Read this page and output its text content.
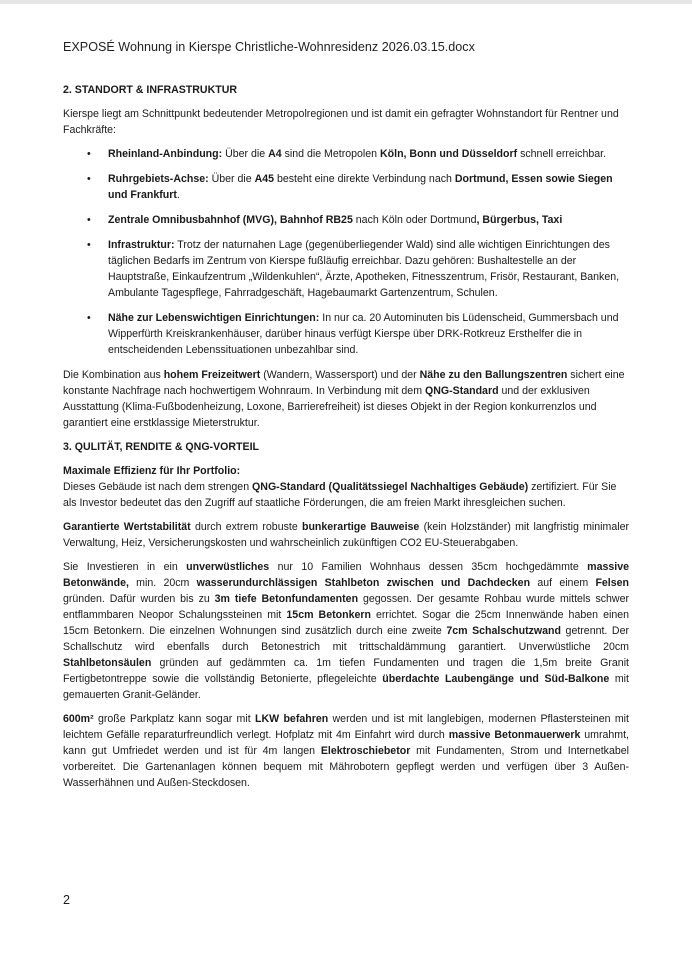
EXPOSÉ Wohnung in Kierspe Christliche-Wohnresidenz 2026.03.15.docx
2. STANDORT & INFRASTRUKTUR
Kierspe liegt am Schnittpunkt bedeutender Metropolregionen und ist damit ein gefragter Wohnstandort für Rentner und Fachkräfte:
• Rheinland-Anbindung: Über die A4 sind die Metropolen Köln, Bonn und Düsseldorf schnell erreichbar.
• Ruhrgebiets-Achse: Über die A45 besteht eine direkte Verbindung nach Dortmund, Essen sowie Siegen und Frankfurt.
• Zentrale Omnibusbahnhof (MVG), Bahnhof RB25 nach Köln oder Dortmund, Bürgerbus, Taxi
• Infrastruktur: Trotz der naturnahen Lage (gegenüberliegender Wald) sind alle wichtigen Einrichtungen des täglichen Bedarfs im Zentrum von Kierspe fußläufig erreichbar. Dazu gehören: Bushaltestelle an der Hauptstraße, Einkaufzentrum „Wildenkuhlen“, Ärzte, Apotheken, Fitnesszentrum, Frisör, Restaurant, Banken, Ambulante Tagespflege, Fahrradgeschäft, Hagebaumarkt Gartenzentrum, Schulen.
• Nähe zur Lebenswichtigen Einrichtungen: In nur ca. 20 Autominuten bis Lüdenscheid, Gummersbach und Wipperfürth Kreiskrankenhäuser, darüber hinaus verfügt Kierspe über DRK-Rotkreuz Ersthelfer die in entscheidenden Lebenssituationen unbezahlbar sind.
Die Kombination aus hohem Freizeitwert (Wandern, Wassersport) und der Nähe zu den Ballungszentren sichert eine konstante Nachfrage nach hochwertigem Wohnraum. In Verbindung mit dem QNG-Standard und der exklusiven Ausstattung (Klima-Fußbodenheizung, Loxone, Barrierefreiheit) ist dieses Objekt in der Region konkurrenzlos und garantiert eine erstklassige Mieterstruktur.
3. QULITÄT, RENDITE & QNG-VORTEIL
Maximale Effizienz für Ihr Portfolio:
Dieses Gebäude ist nach dem strengen QNG-Standard (Qualitätssiegel Nachhaltiges Gebäude) zertifiziert. Für Sie als Investor bedeutet das den Zugriff auf staatliche Förderungen, die am freien Markt ihresgleichen suchen.
Garantierte Wertstabilität durch extrem robuste bunkerartige Bauweise (kein Holzständer) mit langfristig minimaler Verwaltung, Heiz, Versicherungskosten und wahrscheinlich zukünftigen CO2 EU-Steuerabgaben.
Sie Investieren in ein unverwüstliches nur 10 Familien Wohnhaus dessen 35cm hochgedämmte massive Betonwände, min. 20cm wasserundurchlässigen Stahlbeton zwischen und Dachdecken auf einem Felsen gründen. Dafür wurden bis zu 3m tiefe Betonfundamenten gegossen. Der gesamte Rohbau wurde mittels schwer entflammbaren Neopor Schalungssteinen mit 15cm Betonkern errichtet. Sogar die 25cm Innenwände haben einen 15cm Betonkern. Die einzelnen Wohnungen sind zusätzlich durch eine zweite 7cm Schalschutzwand getrennt. Der Schallschutz wird ebenfalls durch Betonestrich mit trittschaldämmung garantiert. Unverwüstliche 20cm Stahlbetonsäulen gründen auf gedämmten ca. 1m tiefen Fundamenten und tragen die 1,5m breite Granit Fertigbetontreppe sowie die vollständig Betonierte, pflegeleichte überdachte Laubengänge und Süd-Balkone mit gemauerten Granit-Geländer.
600m² große Parkplatz kann sogar mit LKW befahren werden und ist mit langlebigen, modernen Pflastersteinen mit leichtem Gefälle reparaturfreundlich verlegt. Hofplatz mit 4m Einfahrt wird durch massive Betonmauerwerk umrahmt, kann gut Umfriedet werden und ist für 4m langen Elektroschiebetor mit Fundamenten, Strom und Internetkabel vorbereitet. Die Gartenanlagen können bequem mit Mährobotern gepflegt werden und verfügen über 3 Außen-Wasserhähnen und Außen-Steckdosen.
2
